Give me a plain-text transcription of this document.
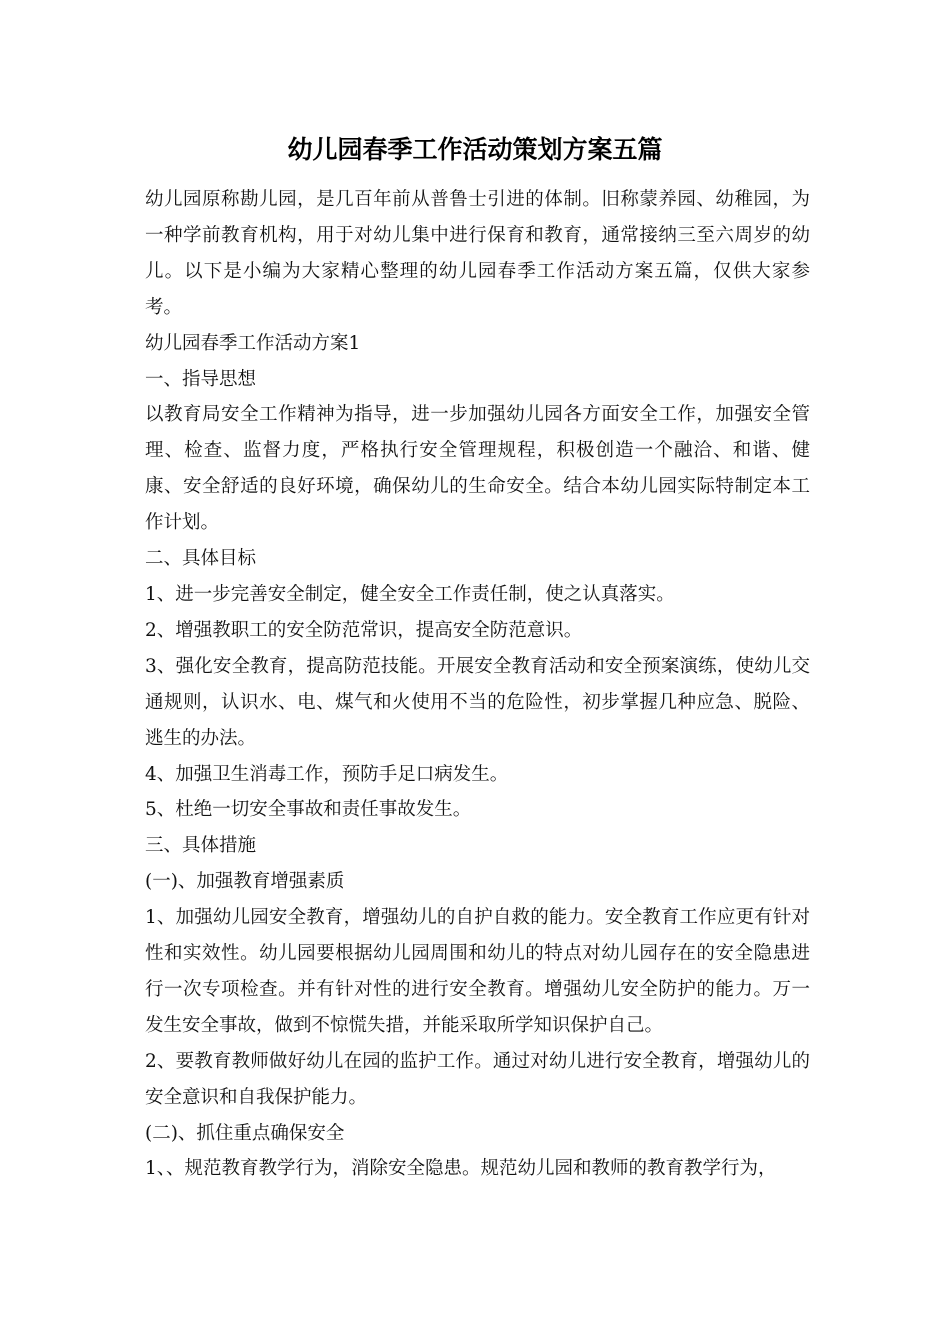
幼儿园春季工作活动策划方案五篇

幼儿园原称勘儿园，是几百年前从普鲁士引进的体制。旧称蒙养园、幼稚园，为一种学前教育机构，用于对幼儿集中进行保育和教育，通常接纳三至六周岁的幼儿。以下是小编为大家精心整理的幼儿园春季工作活动方案五篇，仅供大家参考。

幼儿园春季工作活动方案1

一、指导思想

以教育局安全工作精神为指导，进一步加强幼儿园各方面安全工作，加强安全管理、检查、监督力度，严格执行安全管理规程，积极创造一个融洽、和谐、健康、安全舒适的良好环境，确保幼儿的生命安全。结合本幼儿园实际特制定本工作计划。

二、具体目标

1、进一步完善安全制定，健全安全工作责任制，使之认真落实。

2、增强教职工的安全防范常识，提高安全防范意识。

3、强化安全教育，提高防范技能。开展安全教育活动和安全预案演练，使幼儿交通规则，认识水、电、煤气和火使用不当的危险性，初步掌握几种应急、脱险、逃生的办法。

4、加强卫生消毒工作，预防手足口病发生。

5、杜绝一切安全事故和责任事故发生。

三、具体措施

(一)、加强教育增强素质

1、加强幼儿园安全教育，增强幼儿的自护自救的能力。安全教育工作应更有针对性和实效性。幼儿园要根据幼儿园周围和幼儿的特点对幼儿园存在的安全隐患进行一次专项检查。并有针对性的进行安全教育。增强幼儿安全防护的能力。万一发生安全事故，做到不惊慌失措，并能采取所学知识保护自己。

2、要教育教师做好幼儿在园的监护工作。通过对幼儿进行安全教育，增强幼儿的安全意识和自我保护能力。

(二)、抓住重点确保安全

1、、规范教育教学行为，消除安全隐患。规范幼儿园和教师的教育教学行为，
